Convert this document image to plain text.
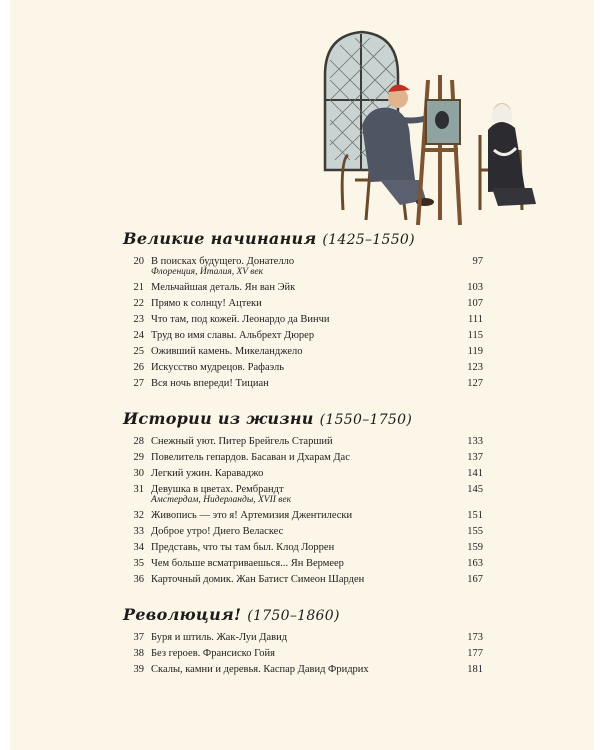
Великие начинания (1425–1550)
20 В поисках будущего. Донателло	97
Флоренция, Италия, XV век
21 Мельчайшая деталь. Ян ван Эйк	103
22 Прямо к солнцу! Ацтеки	107
23 Что там, под кожей. Леонардо да Винчи	111
24 Труд во имя славы. Альбрехт Дюрер	115
25 Оживший камень. Микеланджело	119
26 Искусство мудрецов. Рафаэль	123
27 Вся ночь впереди! Тициан	127
Истории из жизни (1550–1750)
28 Снежный уют. Питер Брейгель Старший	133
29 Повелитель гепардов. Басаван и Дхарам Дас	137
30 Легкий ужин. Караваджо	141
31 Девушка в цветах. Рембрандт	145
Амстердам, Нидерланды, XVII век
32 Живопись — это я! Артемизия Джентилески	151
33 Доброе утро! Диего Веласкес	155
34 Представь, что ты там был. Клод Лоррен	159
35 Чем больше всматриваешься... Ян Вермеер	163
36 Карточный домик. Жан Батист Симеон Шарден	167
Революция! (1750–1860)
37 Буря и штиль. Жак-Луи Давид	173
38 Без героев. Франсиско Гойя	177
39 Скалы, камни и деревья. Каспар Давид Фридрих	181
